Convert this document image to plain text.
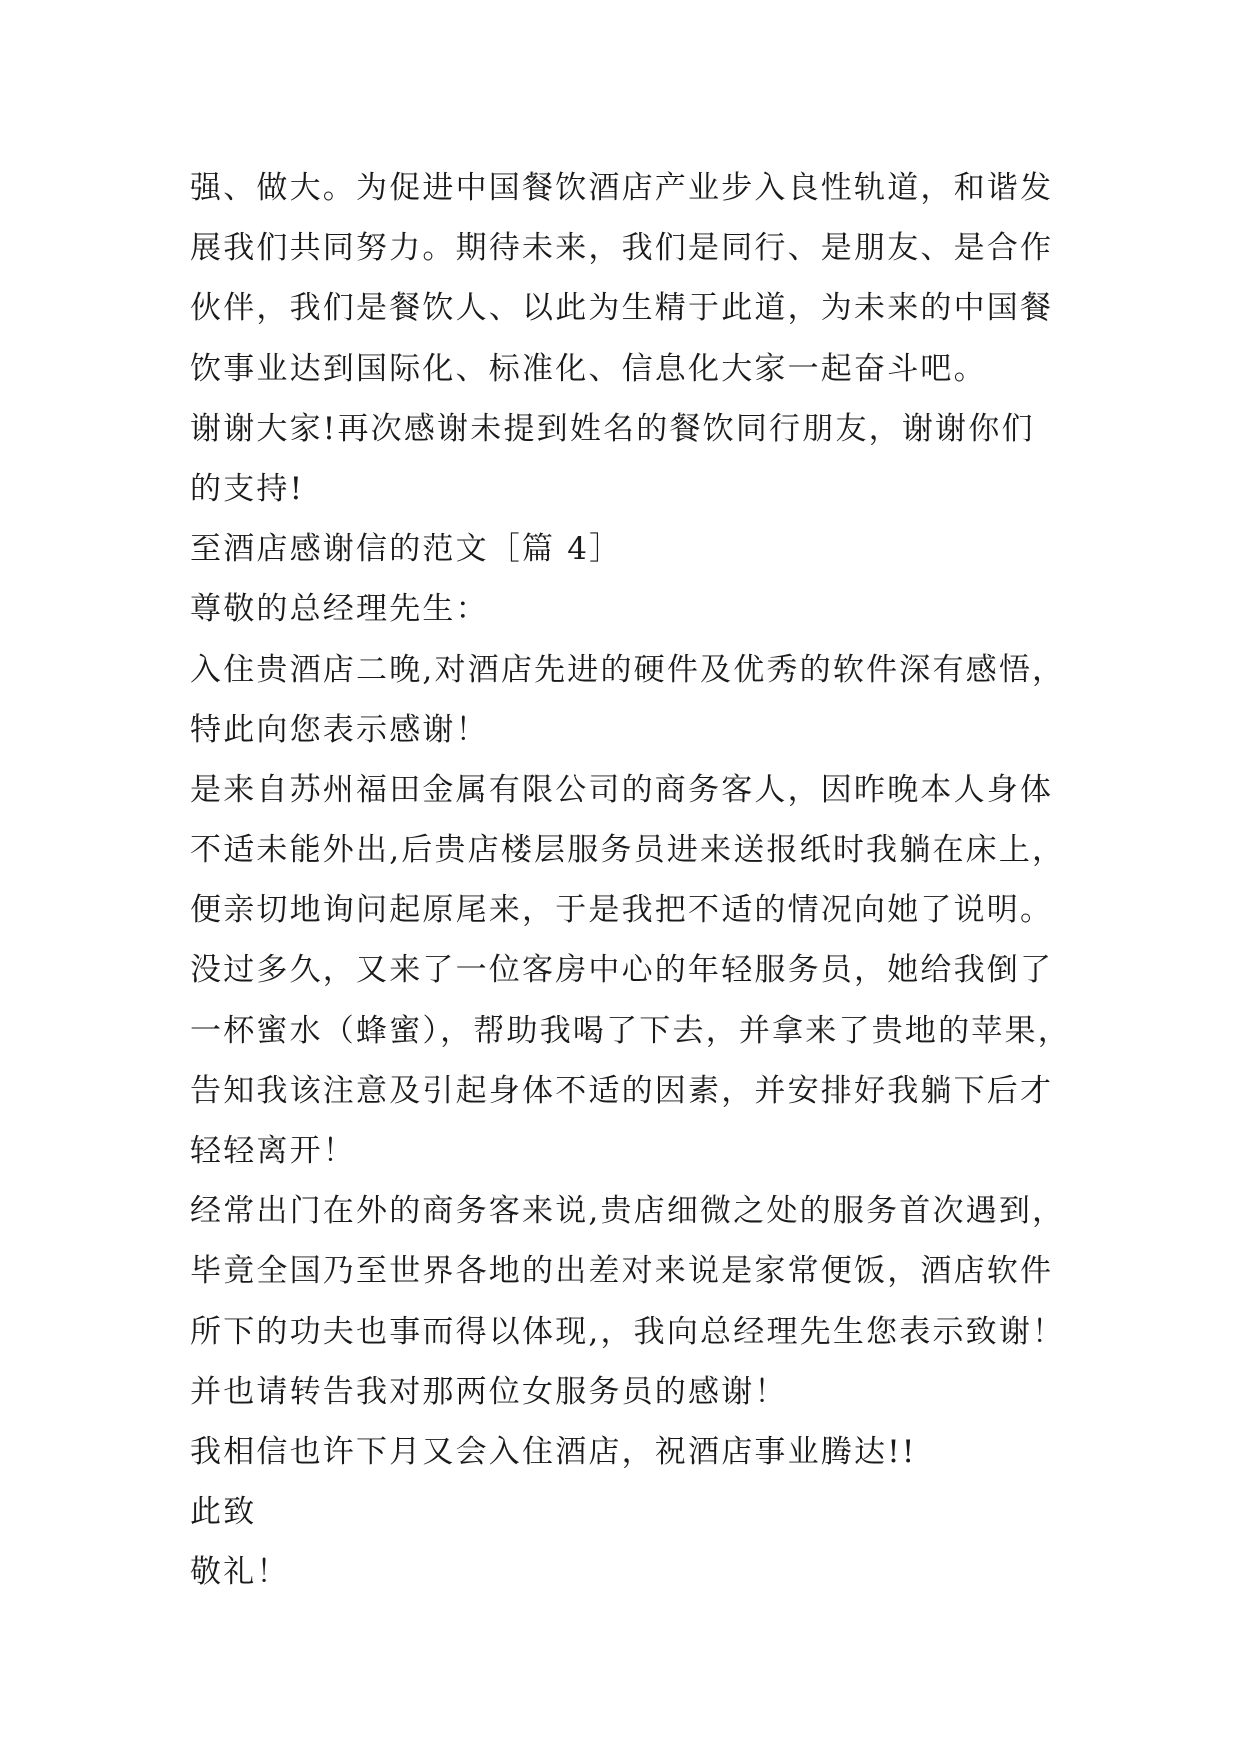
强、做大。为促进中国餐饮酒店产业步入良性轨道，和谐发
展我们共同努力。期待未来，我们是同行、是朋友、是合作
伙伴，我们是餐饮人、以此为生精于此道，为未来的中国餐
饮事业达到国际化、标准化、信息化大家一起奋斗吧。
谢谢大家!再次感谢未提到姓名的餐饮同行朋友，谢谢你们
的支持!
至酒店感谢信的范文［篇 4］
尊敬的总经理先生：
入住贵酒店二晚,对酒店先进的硬件及优秀的软件深有感悟，
特此向您表示感谢！
是来自苏州福田金属有限公司的商务客人，因昨晚本人身体
不适未能外出,后贵店楼层服务员进来送报纸时我躺在床上，
便亲切地询问起原尾来，于是我把不适的情况向她了说明。
没过多久，又来了一位客房中心的年轻服务员，她给我倒了
一杯蜜水（蜂蜜），帮助我喝了下去，并拿来了贵地的苹果，
告知我该注意及引起身体不适的因素，并安排好我躺下后才
轻轻离开！
经常出门在外的商务客来说,贵店细微之处的服务首次遇到，
毕竟全国乃至世界各地的出差对来说是家常便饭，酒店软件
所下的功夫也事而得以体现,，我向总经理先生您表示致谢！
并也请转告我对那两位女服务员的感谢！
我相信也许下月又会入住酒店，祝酒店事业腾达!!
此致
敬礼！
